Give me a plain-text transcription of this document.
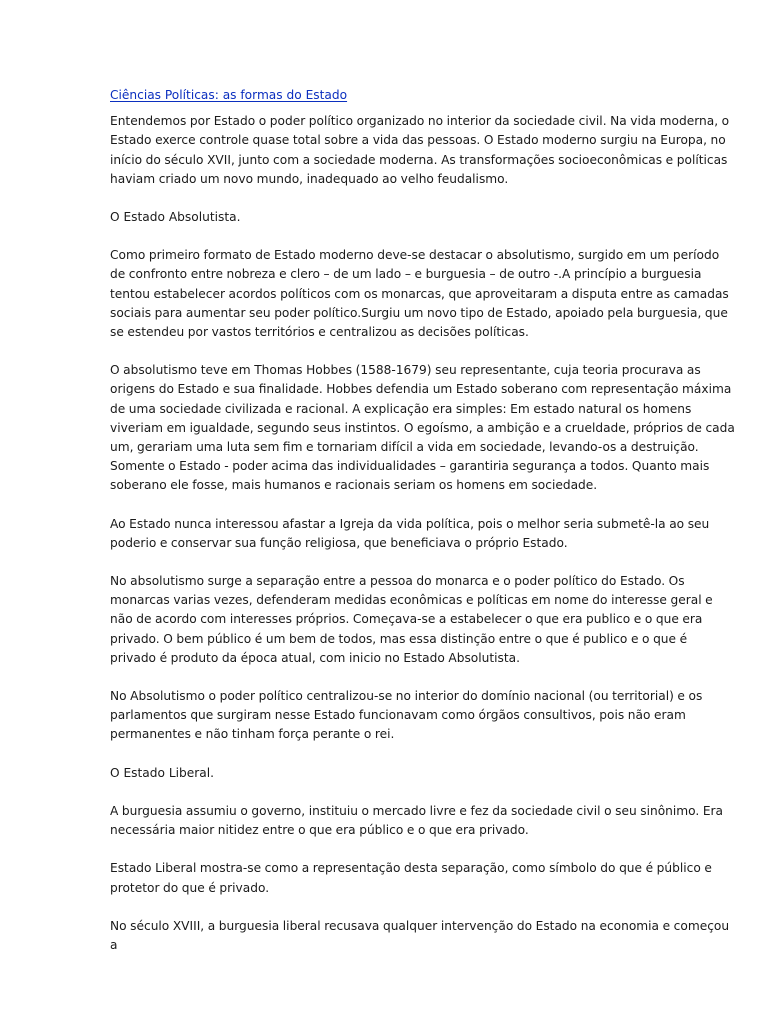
Ciências Políticas: as formas do Estado

Entendemos por Estado o poder político organizado no interior da sociedade civil. Na vida moderna, o Estado exerce controle quase total sobre a vida das pessoas. O Estado moderno surgiu na Europa, no início do século XVII, junto com a sociedade moderna. As transformações socioeconômicas e políticas haviam criado um novo mundo, inadequado ao velho feudalismo.

O Estado Absolutista.

Como primeiro formato de Estado moderno deve-se destacar o absolutismo, surgido em um período de confronto entre nobreza e clero – de um lado – e burguesia – de outro -.A princípio a burguesia tentou estabelecer acordos políticos com os monarcas, que aproveitaram a disputa entre as camadas sociais para aumentar seu poder político.Surgiu um novo tipo de Estado, apoiado pela burguesia, que se estendeu por vastos territórios e centralizou as decisões políticas.

O absolutismo teve em Thomas Hobbes (1588-1679) seu representante, cuja teoria procurava as origens do Estado e sua finalidade. Hobbes defendia um Estado soberano com representação máxima de uma sociedade civilizada e racional. A explicação era simples: Em estado natural os homens viveriam em igualdade, segundo seus instintos. O egoísmo, a ambição e a crueldade, próprios de cada um, gerariam uma luta sem fim e tornariam difícil a vida em sociedade, levando-os a destruição. Somente o Estado - poder acima das individualidades – garantiria segurança a todos. Quanto mais soberano ele fosse, mais humanos e racionais seriam os homens em sociedade.

Ao Estado nunca interessou afastar a Igreja da vida política, pois o melhor seria submetê-la ao seu poderio e conservar sua função religiosa, que beneficiava o próprio Estado.

No absolutismo surge a separação entre a pessoa do monarca e o poder político do Estado. Os monarcas varias vezes, defenderam medidas econômicas e políticas em nome do interesse geral e não de acordo com interesses próprios. Começava-se a estabelecer o que era publico e o que era privado. O bem público é um bem de todos, mas essa distinção entre o que é publico e o que é privado é produto da época atual, com inicio no Estado Absolutista.

No Absolutismo o poder político centralizou-se no interior do domínio nacional (ou territorial) e os parlamentos que surgiram nesse Estado funcionavam como órgãos consultivos, pois não eram permanentes e não tinham força perante o rei.

O Estado Liberal.

A burguesia assumiu o governo, instituiu o mercado livre e fez da sociedade civil o seu sinônimo. Era necessária maior nitidez entre o que era público e o que era privado.

Estado Liberal mostra-se como a representação desta separação, como símbolo do que é público e protetor do que é privado.

No século XVIII, a burguesia liberal recusava qualquer intervenção do Estado na economia e começou a
